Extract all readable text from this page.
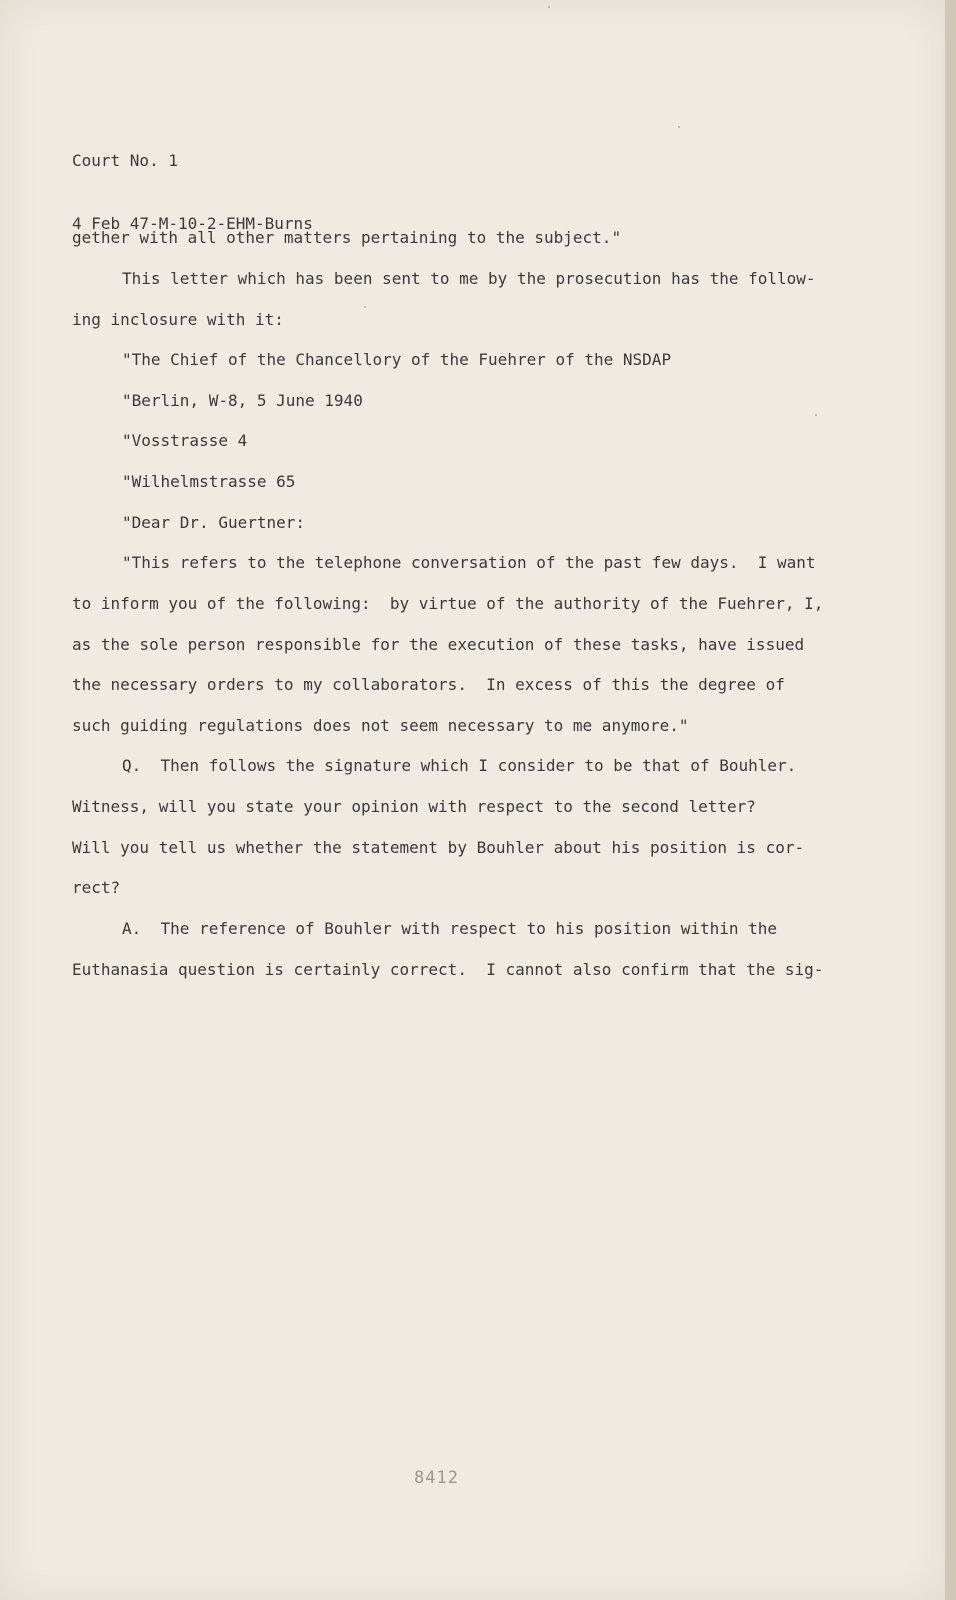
Court No. 1

4 Feb 47-M-10-2-EHM-Burns

gether with all other matters pertaining to the subject."
This letter which has been sent to me by the prosecution has the follow-
ing inclosure with it:
"The Chief of the Chancellory of the Fuehrer of the NSDAP
"Berlin, W-8, 5 June 1940
"Vosstrasse 4
"Wilhelmstrasse 65
"Dear Dr. Guertner:
"This refers to the telephone conversation of the past few days.  I want
to inform you of the following:  by virtue of the authority of the Fuehrer, I,
as the sole person responsible for the execution of these tasks, have issued
the necessary orders to my collaborators.  In excess of this the degree of
such guiding regulations does not seem necessary to me anymore."
Q.  Then follows the signature which I consider to be that of Bouhler.
Witness, will you state your opinion with respect to the second letter?
Will you tell us whether the statement by Bouhler about his position is cor-
rect?
A.  The reference of Bouhler with respect to his position within the
Euthanasia question is certainly correct.  I cannot also confirm that the sig-
8412
